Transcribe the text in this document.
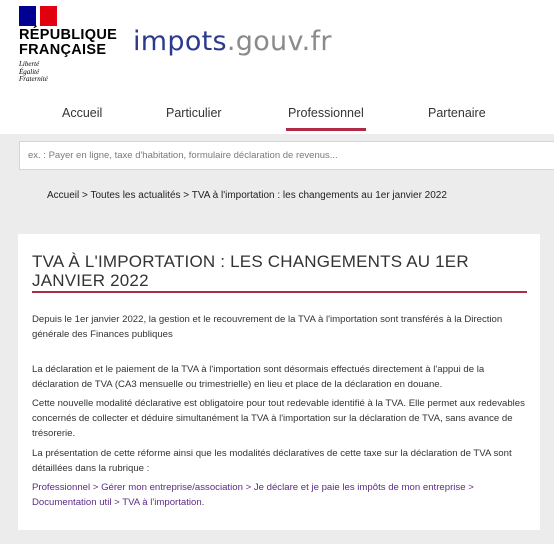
RÉPUBLIQUE
FRANÇAISE
Liberté
Égalité
Fraternité
impots.gouv.fr
Accueil	Particulier	Professionnel	Partenaire
ex. : Payer en ligne, taxe d'habitation, formulaire déclaration de revenus...
Accueil > Toutes les actualités > TVA à l'importation : les changements au 1er janvier 2022
TVA À L'IMPORTATION : LES CHANGEMENTS AU 1ER JANVIER 2022
Depuis le 1er janvier 2022, la gestion et le recouvrement de la TVA à l'importation sont transférés à la Direction générale des Finances publiques
La déclaration et le paiement de la TVA à l'importation sont désormais effectués directement à l'appui de la déclaration de TVA (CA3 mensuelle ou trimestrielle) en lieu et place de la déclaration en douane.
Cette nouvelle modalité déclarative est obligatoire pour tout redevable identifié à la TVA. Elle permet aux redevables concernés de collecter et déduire simultanément la TVA à l'importation sur la déclaration de TVA, sans avance de trésorerie.
La présentation de cette réforme ainsi que les modalités déclaratives de cette taxe sur la déclaration de TVA sont détaillées dans la rubrique :
Professionnel > Gérer mon entreprise/association > Je déclare et je paie les impôts de mon entreprise > Documentation util > TVA à l'importation.
